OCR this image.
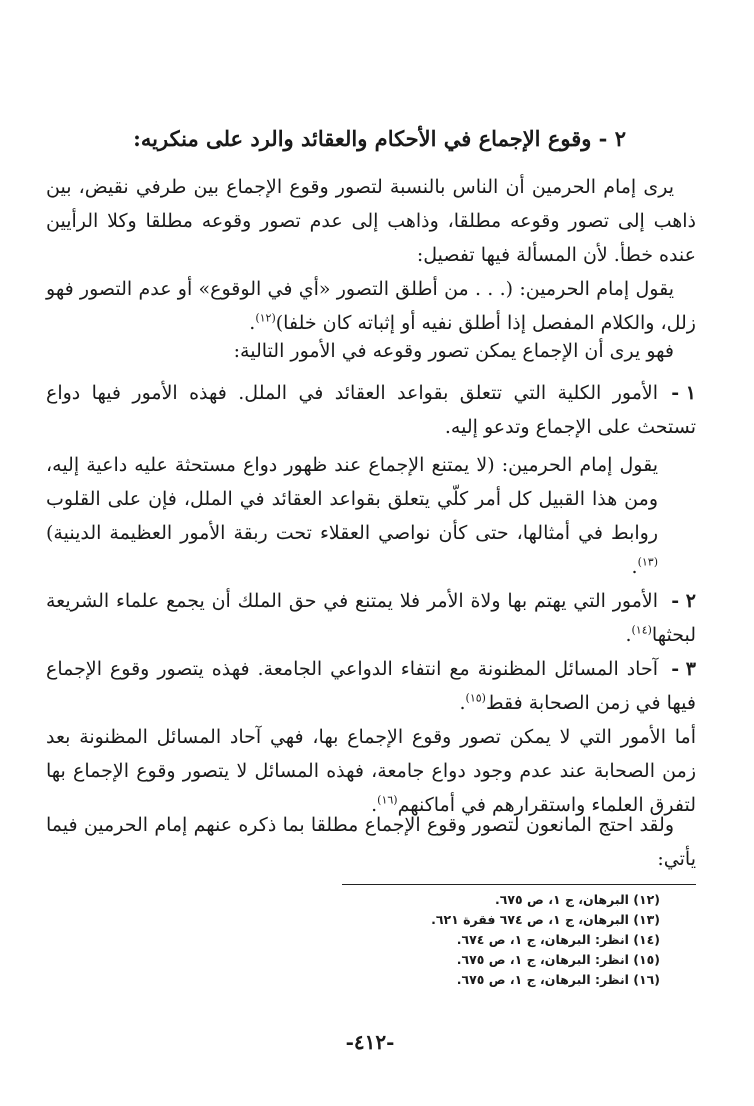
٢ - وقوع الإجماع في الأحكام والعقائد والرد على منكريه:
يرى إمام الحرمين أن الناس بالنسبة لتصور وقوع الإجماع بين طرفي نقيض، بين ذاهب إلى تصور وقوعه مطلقا، وذاهب إلى عدم تصور وقوعه مطلقا وكلا الرأيين عنده خطأ. لأن المسألة فيها تفصيل:
يقول إمام الحرمين: (. . . من أطلق التصور «أي في الوقوع» أو عدم التصور فهو زلل، والكلام المفصل إذا أطلق نفيه أو إثباته كان خلفا)$^{(١٢)}$.
فهو يرى أن الإجماع يمكن تصور وقوعه في الأمور التالية:
١ -الأمور الكلية التي تتعلق بقواعد العقائد في الملل. فهذه الأمور فيها دواع تستحث على الإجماع وتدعو إليه.
يقول إمام الحرمين: (لا يمتنع الإجماع عند ظهور دواع مستحثة عليه داعية إليه، ومن هذا القبيل كل أمر كلّي يتعلق بقواعد العقائد في الملل، فإن على القلوب روابط في أمثالها، حتى كأن نواصي العقلاء تحت ربقة الأمور العظيمة الدينية)$^{(١٣)}$.
٢ -الأمور التي يهتم بها ولاة الأمر فلا يمتنع في حق الملك أن يجمع علماء الشريعة لبحثها$^{(١٤)}$.
٣ -آحاد المسائل المظنونة مع انتفاء الدواعي الجامعة. فهذه يتصور وقوع الإجماع فيها في زمن الصحابة فقط$^{(١٥)}$.
أما الأمور التي لا يمكن تصور وقوع الإجماع بها، فهي آحاد المسائل المظنونة بعد زمن الصحابة عند عدم وجود دواع جامعة، فهذه المسائل لا يتصور وقوع الإجماع بها لتفرق العلماء واستقرارهم في أماكنهم$^{(١٦)}$.
ولقد احتج المانعون لتصور وقوع الإجماع مطلقا بما ذكره عنهم إمام الحرمين فيما يأتي:
(١٢) البرهان، ج ١، ص ٦٧٥.
(١٣) البرهان، ج ١، ص ٦٧٤ فقرة ٦٢١.
(١٤) انظر: البرهان، ج ١، ص ٦٧٤.
(١٥) انظر: البرهان، ج ١، ص ٦٧٥.
(١٦) انظر: البرهان، ج ١، ص ٦٧٥.
-٤١٢-
